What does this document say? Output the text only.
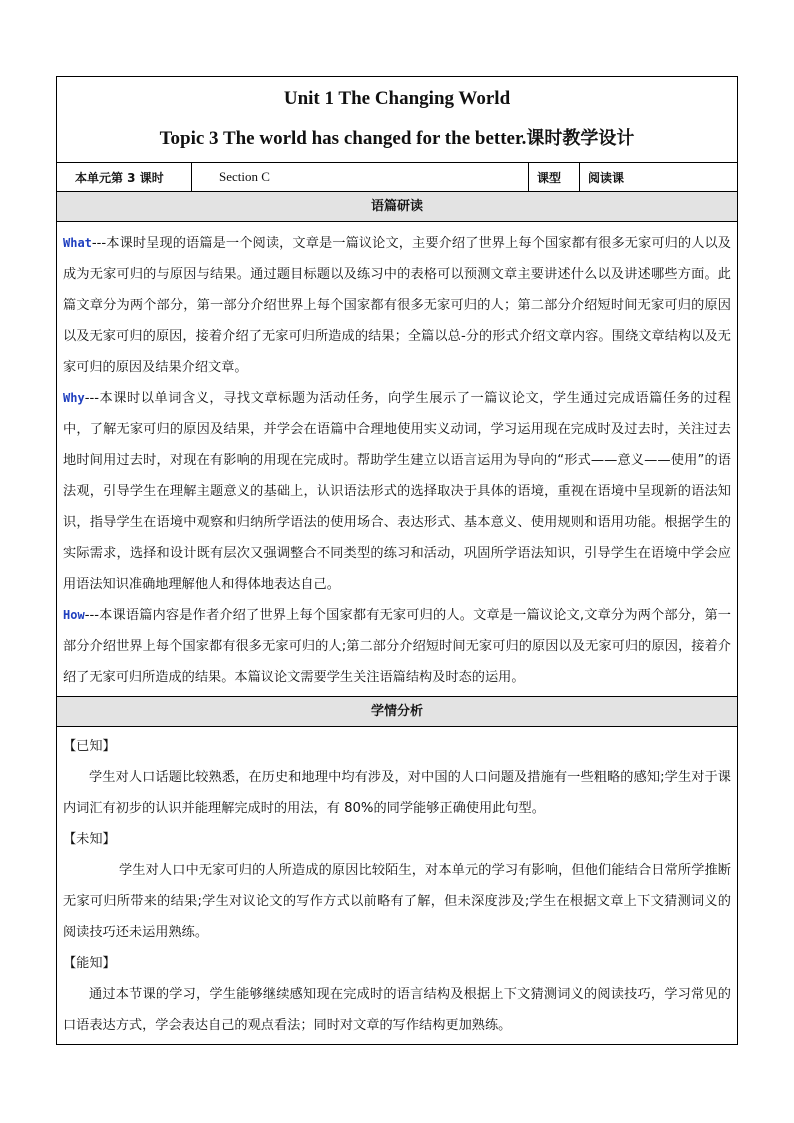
Unit 1 The Changing World
Topic 3 The world has changed for the better.课时教学设计
本单元第 3 课时	Section C	课型	阅读课
语篇研读

What---本课时呈现的语篇是一个阅读，文章是一篇议论文，主要介绍了世界上每个国家都有很多无家可归的人以及成为无家可归的与原因与结果。通过题目标题以及练习中的表格可以预测文章主要讲述什么以及讲述哪些方面。此篇文章分为两个部分，第一部分介绍世界上每个国家都有很多无家可归的人；第二部分介绍短时间无家可归的原因以及无家可归的原因，接着介绍了无家可归所造成的结果；全篇以总-分的形式介绍文章内容。围绕文章结构以及无家可归的原因及结果介绍文章。

Why---本课时以单词含义，寻找文章标题为活动任务，向学生展示了一篇议论文，学生通过完成语篇任务的过程中，了解无家可归的原因及结果，并学会在语篇中合理地使用实义动词，学习运用现在完成时及过去时，关注过去地时间用过去时，对现在有影响的用现在完成时。帮助学生建立以语言运用为导向的“形式——意义——使用”的语法观，引导学生在理解主题意义的基础上，认识语法形式的选择取决于具体的语境，重视在语境中呈现新的语法知识，指导学生在语境中观察和归纳所学语法的使用场合、表达形式、基本意义、使用规则和语用功能。根据学生的实际需求，选择和设计既有层次又强调整合不同类型的练习和活动，巩固所学语法知识，引导学生在语境中学会应用语法知识准确地理解他人和得体地表达自己。

How---本课语篇内容是作者介绍了世界上每个国家都有无家可归的人。文章是一篇议论文,文章分为两个部分，第一部分介绍世界上每个国家都有很多无家可归的人;第二部分介绍短时间无家可归的原因以及无家可归的原因，接着介绍了无家可归所造成的结果。本篇议论文需要学生关注语篇结构及时态的运用。

学情分析

【已知】

学生对人口话题比较熟悉，在历史和地理中均有涉及，对中国的人口问题及措施有一些粗略的感知;学生对于课内词汇有初步的认识并能理解完成时的用法，有 80%的同学能够正确使用此句型。

【未知】

学生对人口中无家可归的人所造成的原因比较陌生，对本单元的学习有影响，但他们能结合日常所学推断无家可归所带来的结果;学生对议论文的写作方式以前略有了解，但未深度涉及;学生在根据文章上下文猜测词义的阅读技巧还未运用熟练。

【能知】

通过本节课的学习，学生能够继续感知现在完成时的语言结构及根据上下文猜测词义的阅读技巧，学习常见的口语表达方式，学会表达自己的观点看法；同时对文章的写作结构更加熟练。
